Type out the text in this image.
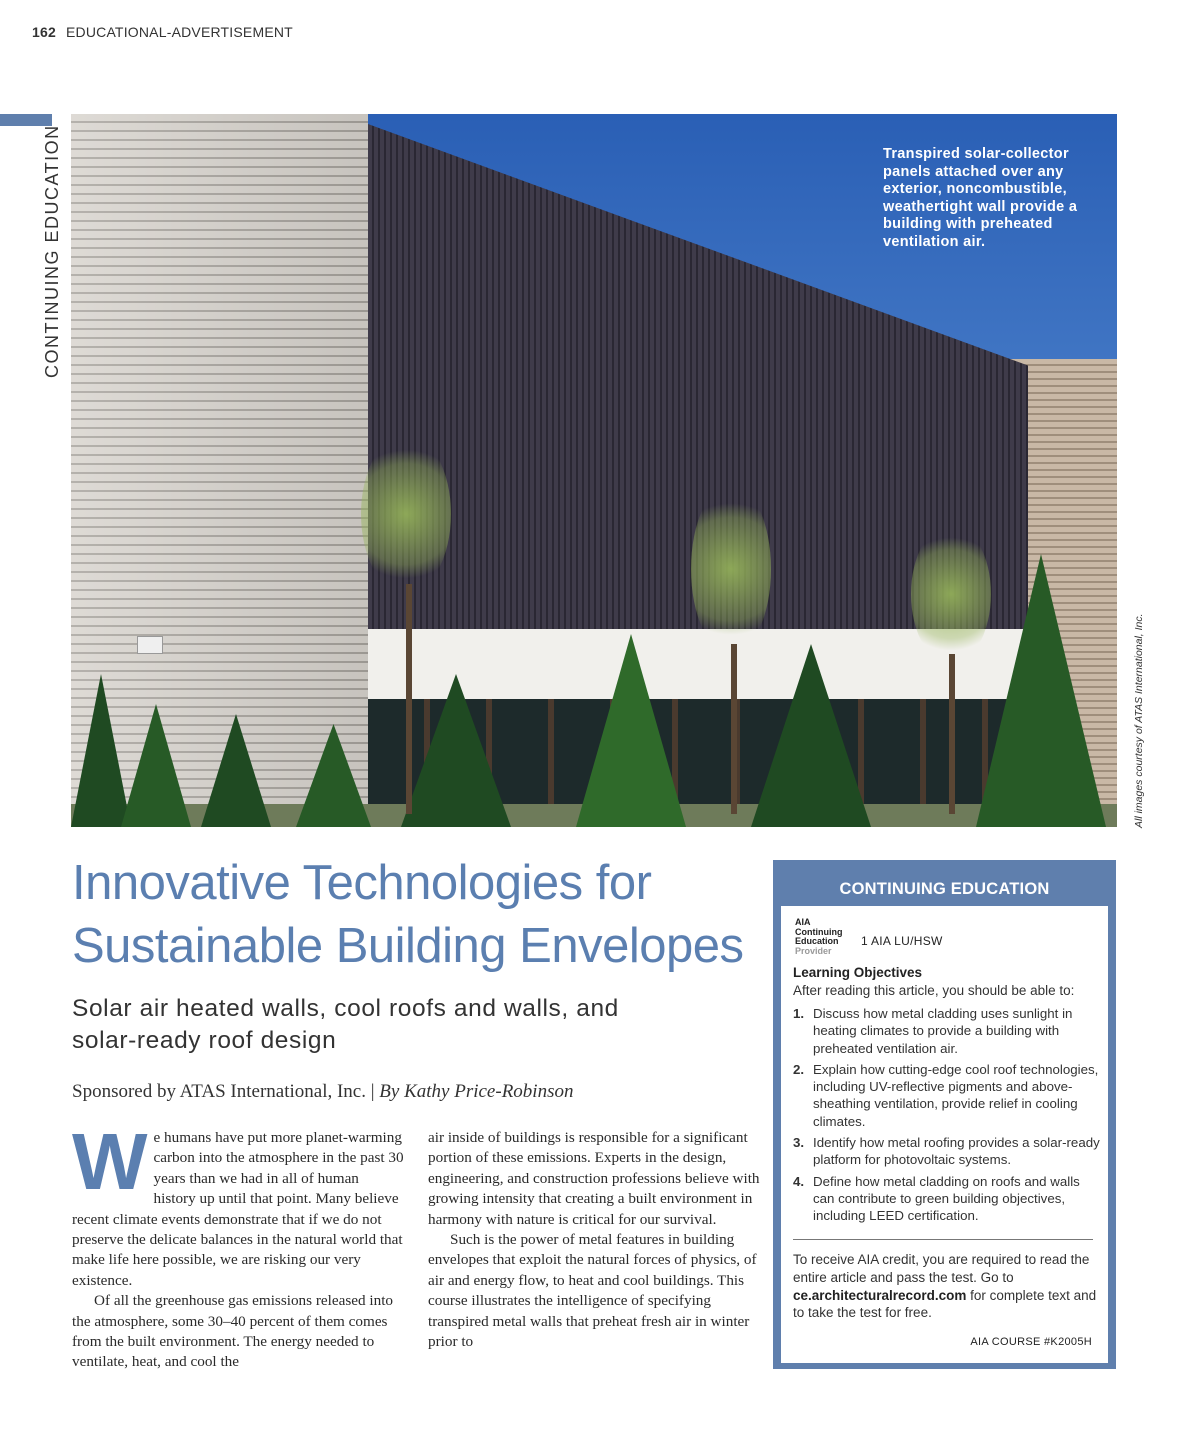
162 EDUCATIONAL-ADVERTISEMENT
CONTINUING EDUCATION	Transpired solar-collector panels attached over any exterior, noncombustible, weathertight wall provide a building with preheated ventilation air.
All images courtesy of ATAS International, Inc.
Innovative Technologies for
Sustainable Building Envelopes
Solar air heated walls, cool roofs and walls, and
solar-ready roof design
Sponsored by ATAS International, Inc. | By Kathy Price-Robinson

We humans have put more planet-warming carbon into the atmosphere in the past 30 years than we had in all of human history up until that point. Many believe recent climate events demonstrate that if we do not preserve the delicate balances in the natural world that make life here possible, we are risking our very existence.

Of all the greenhouse gas emissions released into the atmosphere, some 30–40 percent of them comes from the built environment. The energy needed to ventilate, heat, and cool the

air inside of buildings is responsible for a significant portion of these emissions. Experts in the design, engineering, and construction professions believe with growing intensity that creating a built environment in harmony with nature is critical for our survival.

Such is the power of metal features in building envelopes that exploit the natural forces of physics, of air and energy flow, to heat and cool buildings. This course illustrates the intelligence of specifying transpired metal walls that preheat fresh air in winter prior to

CONTINUING EDUCATION
AIA
Continuing
Education
Provider
1 AIA LU/HSW
Learning Objectives
After reading this article, you should be able to:
1. Discuss how metal cladding uses sunlight in heating climates to provide a building with preheated ventilation air.
2. Explain how cutting-edge cool roof technologies, including UV-reflective pigments and above-sheathing ventilation, provide relief in cooling climates.
3. Identify how metal roofing provides a solar-ready platform for photovoltaic systems.
4. Define how metal cladding on roofs and walls can contribute to green building objectives, including LEED certification.
To receive AIA credit, you are required to read the entire article and pass the test. Go to ce.architecturalrecord.com for complete text and to take the test for free.
AIA COURSE #K2005H
